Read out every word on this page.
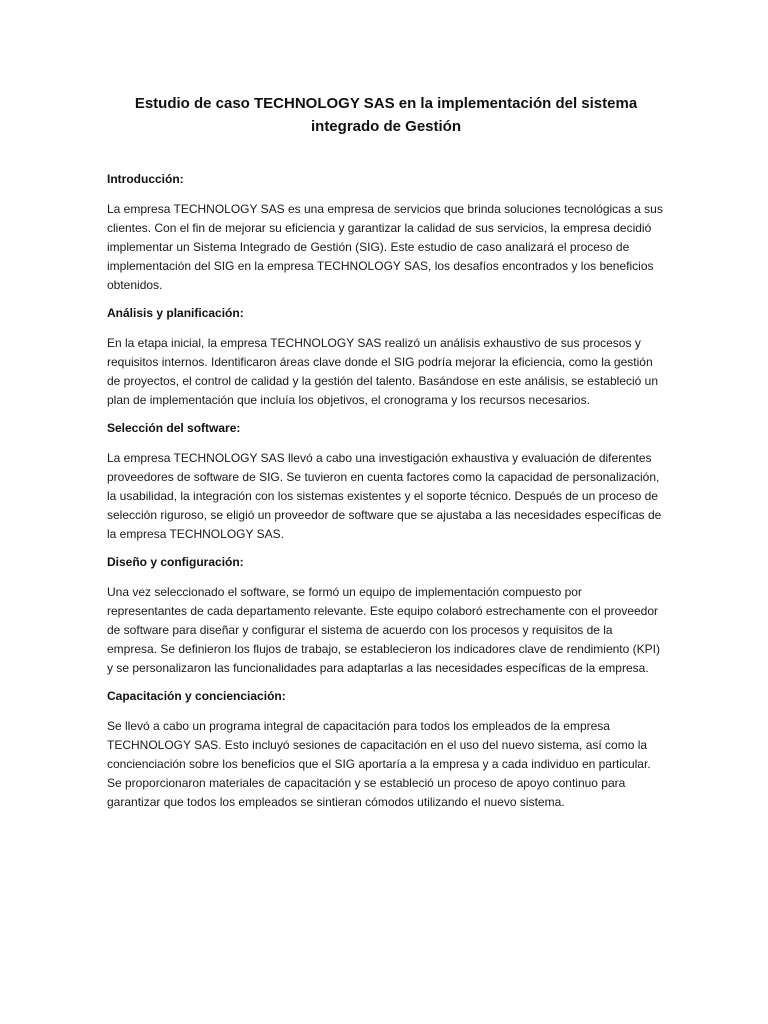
Estudio de caso TECHNOLOGY SAS en la implementación del sistema integrado de Gestión

Introducción:

La empresa TECHNOLOGY SAS es una empresa de servicios que brinda soluciones tecnológicas a sus clientes. Con el fin de mejorar su eficiencia y garantizar la calidad de sus servicios, la empresa decidió implementar un Sistema Integrado de Gestión (SIG). Este estudio de caso analizará el proceso de implementación del SIG en la empresa TECHNOLOGY SAS, los desafíos encontrados y los beneficios obtenidos.

Análisis y planificación:

En la etapa inicial, la empresa TECHNOLOGY SAS realizó un análisis exhaustivo de sus procesos y requisitos internos. Identificaron áreas clave donde el SIG podría mejorar la eficiencia, como la gestión de proyectos, el control de calidad y la gestión del talento. Basándose en este análisis, se estableció un plan de implementación que incluía los objetivos, el cronograma y los recursos necesarios.

Selección del software:

La empresa TECHNOLOGY SAS llevó a cabo una investigación exhaustiva y evaluación de diferentes proveedores de software de SIG. Se tuvieron en cuenta factores como la capacidad de personalización, la usabilidad, la integración con los sistemas existentes y el soporte técnico. Después de un proceso de selección riguroso, se eligió un proveedor de software que se ajustaba a las necesidades específicas de la empresa TECHNOLOGY SAS.

Diseño y configuración:

Una vez seleccionado el software, se formó un equipo de implementación compuesto por representantes de cada departamento relevante. Este equipo colaboró estrechamente con el proveedor de software para diseñar y configurar el sistema de acuerdo con los procesos y requisitos de la empresa. Se definieron los flujos de trabajo, se establecieron los indicadores clave de rendimiento (KPI) y se personalizaron las funcionalidades para adaptarlas a las necesidades específicas de la empresa.

Capacitación y concienciación:

Se llevó a cabo un programa integral de capacitación para todos los empleados de la empresa TECHNOLOGY SAS. Esto incluyó sesiones de capacitación en el uso del nuevo sistema, así como la concienciación sobre los beneficios que el SIG aportaría a la empresa y a cada individuo en particular. Se proporcionaron materiales de capacitación y se estableció un proceso de apoyo continuo para garantizar que todos los empleados se sintieran cómodos utilizando el nuevo sistema.
